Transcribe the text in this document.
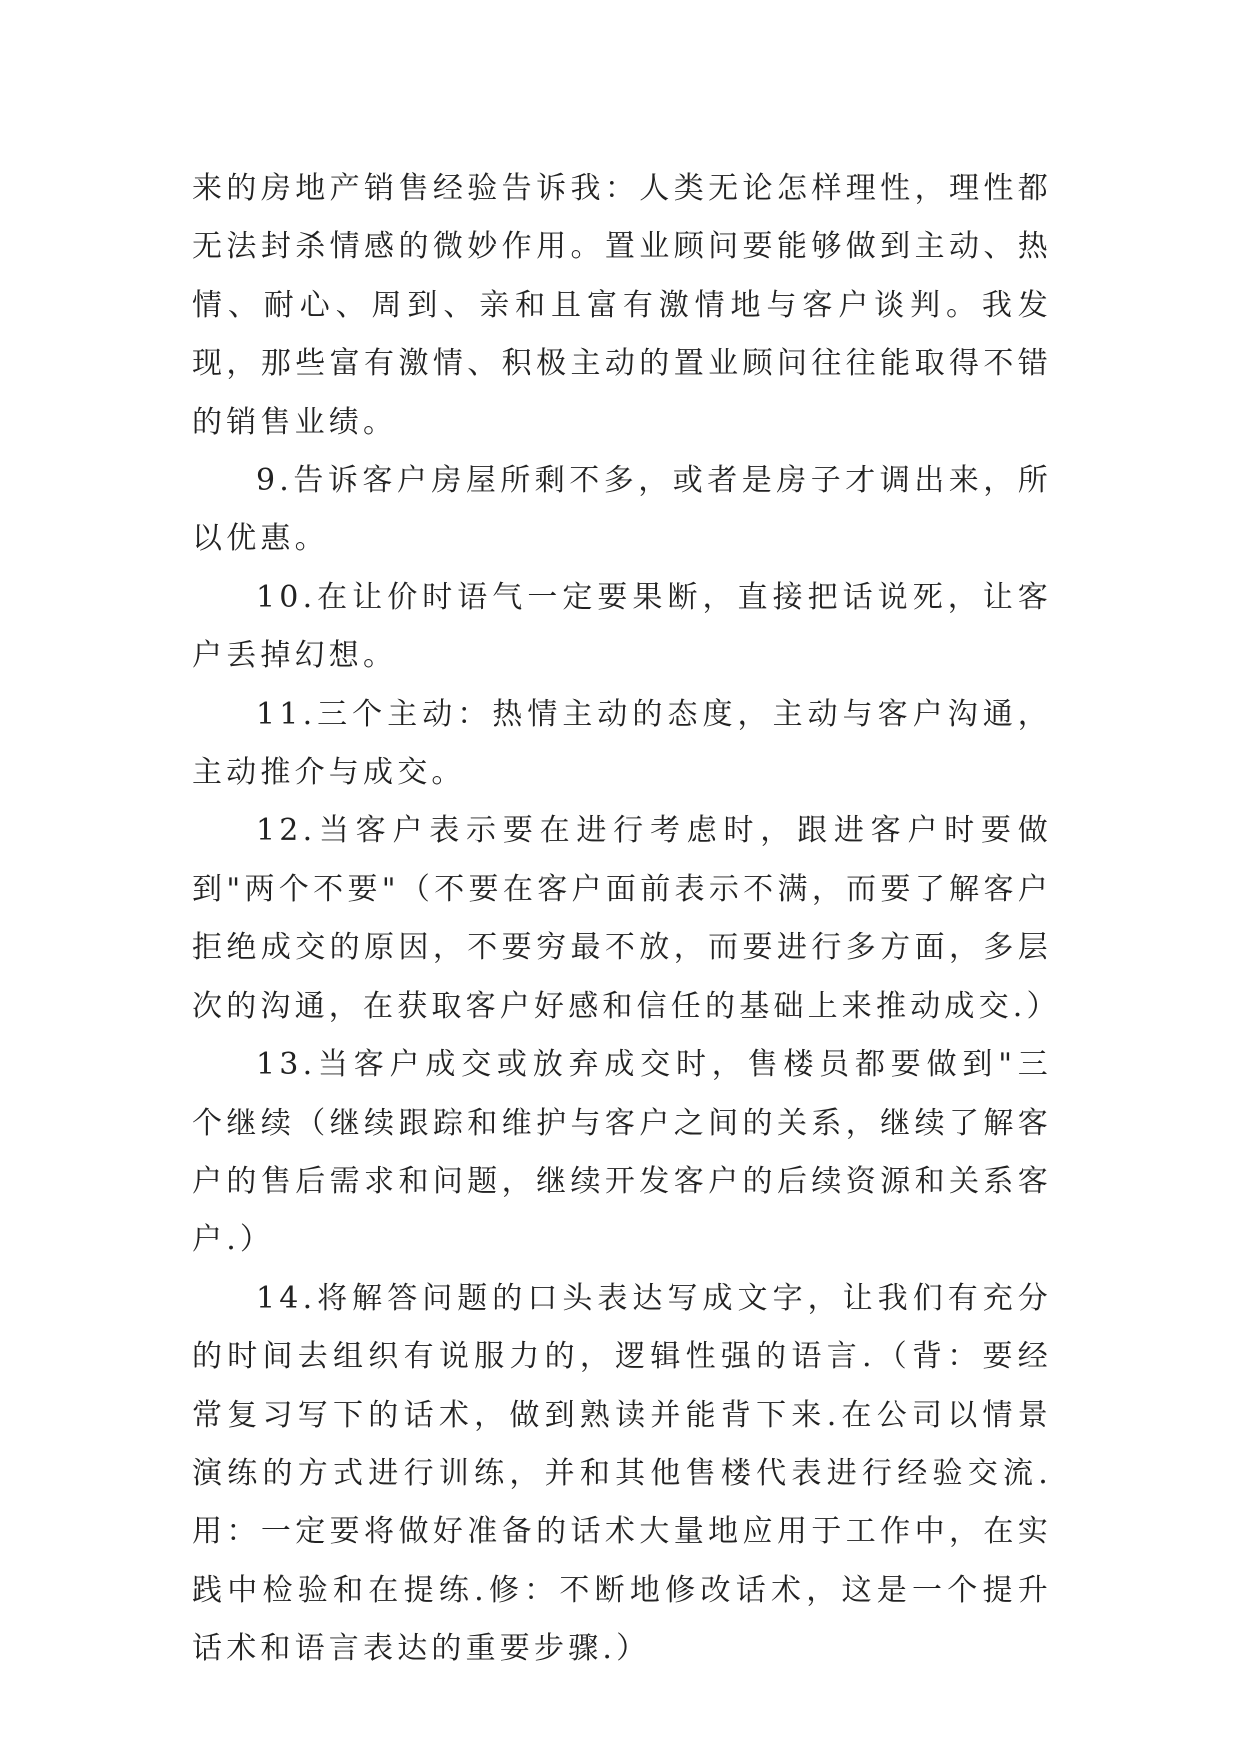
来的房地产销售经验告诉我：人类无论怎样理性，理性都无法封杀情感的微妙作用。置业顾问要能够做到主动、热情、耐心、周到、亲和且富有激情地与客户谈判。我发现，那些富有激情、积极主动的置业顾问往往能取得不错的销售业绩。

9.告诉客户房屋所剩不多，或者是房子才调出来，所以优惠。

10.在让价时语气一定要果断，直接把话说死，让客户丢掉幻想。

11.三个主动：热情主动的态度，主动与客户沟通，主动推介与成交。

12.当客户表示要在进行考虑时，跟进客户时要做到"两个不要"（不要在客户面前表示不满，而要了解客户拒绝成交的原因，不要穷最不放，而要进行多方面，多层次的沟通，在获取客户好感和信任的基础上来推动成交.）

13.当客户成交或放弃成交时，售楼员都要做到"三个继续（继续跟踪和维护与客户之间的关系，继续了解客户的售后需求和问题，继续开发客户的后续资源和关系客户.）

14.将解答问题的口头表达写成文字，让我们有充分的时间去组织有说服力的，逻辑性强的语言.（背：要经常复习写下的话术，做到熟读并能背下来.在公司以情景演练的方式进行训练，并和其他售楼代表进行经验交流.用：一定要将做好准备的话术大量地应用于工作中，在实践中检验和在提练.修：不断地修改话术，这是一个提升话术和语言表达的重要步骤.）
